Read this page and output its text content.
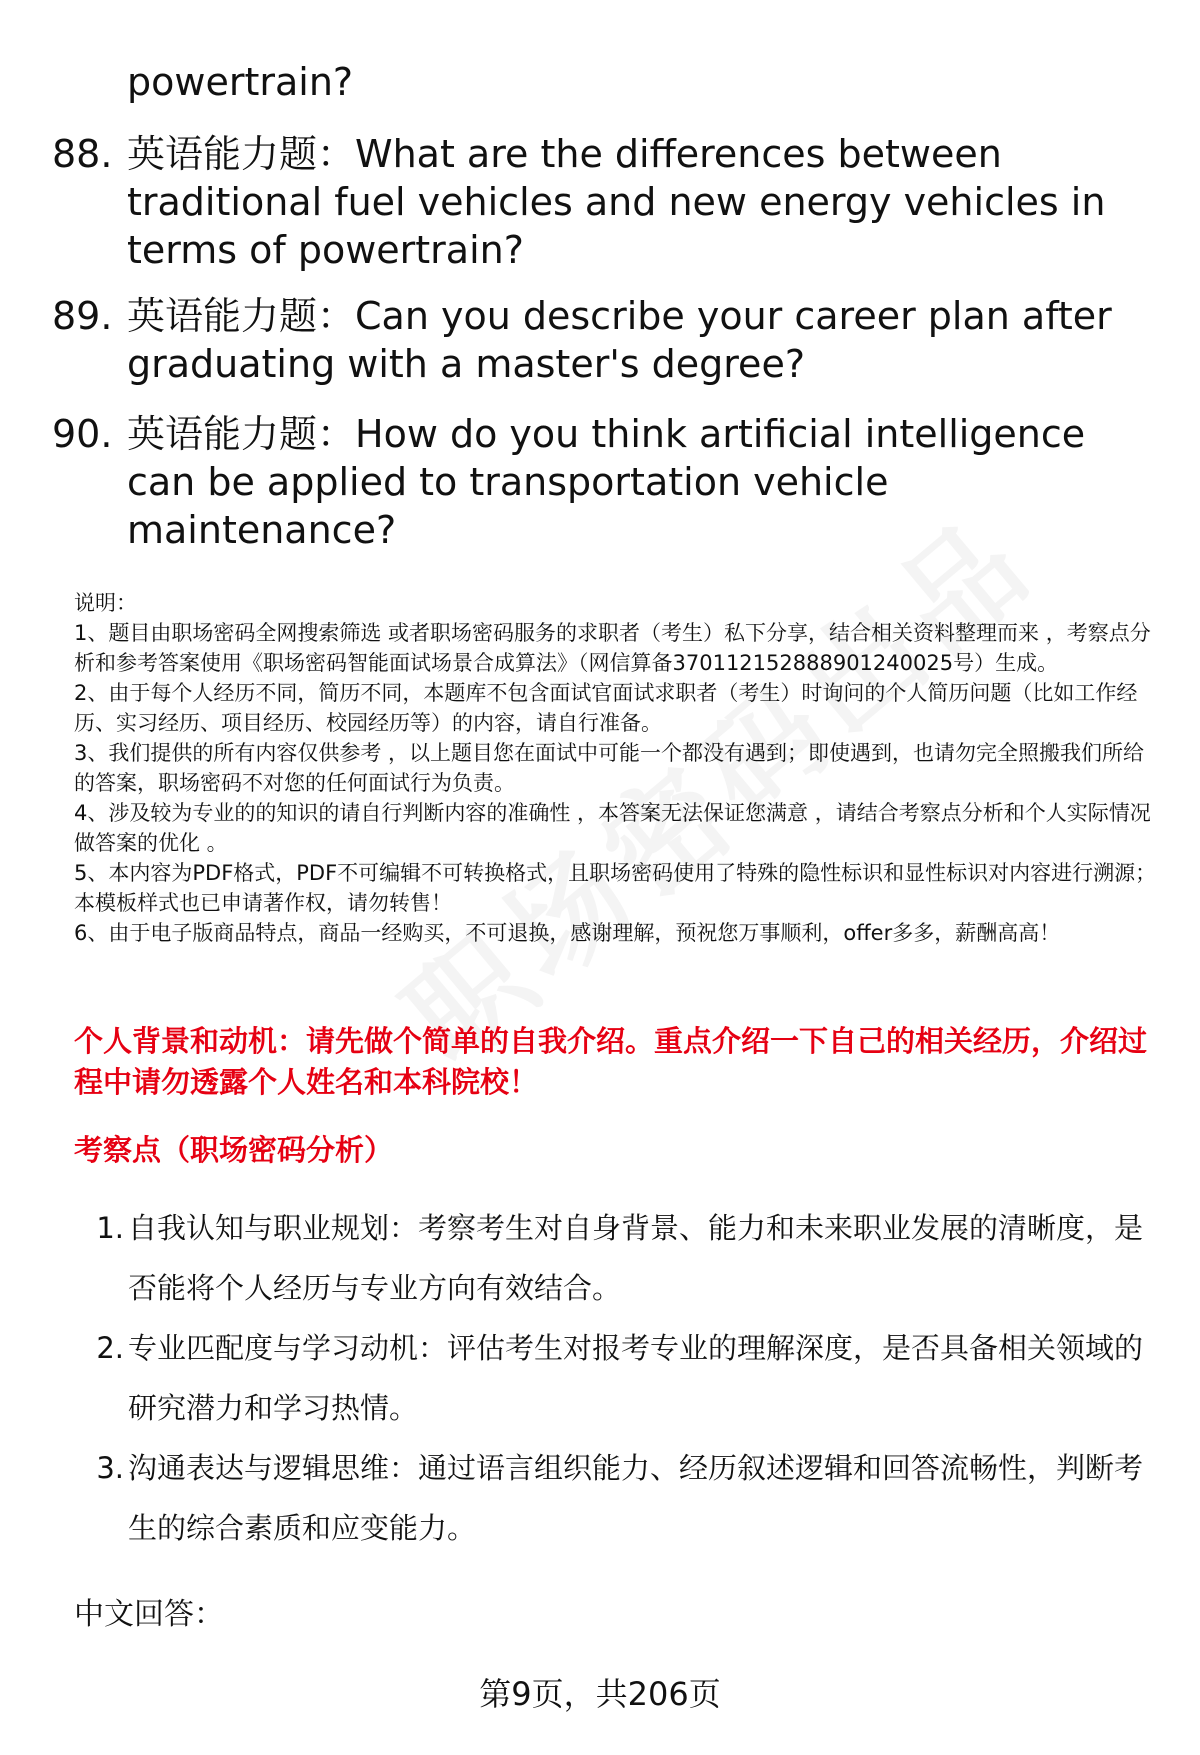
powertrain?
88. 英语能力题：What are the differences between traditional fuel vehicles and new energy vehicles in terms of powertrain?
89. 英语能力题：Can you describe your career plan after graduating with a master's degree?
90. 英语能力题：How do you think artificial intelligence can be applied to transportation vehicle maintenance?

说明：

1、题目由职场密码全网搜索筛选 或者职场密码服务的求职者（考生）私下分享，结合相关资料整理而来 ，考察点分析和参考答案使用《职场密码智能面试场景合成算法》（网信算备370112152888901240025号）生成。

2、由于每个人经历不同，简历不同，本题库不包含面试官面试求职者（考生）时询问的个人简历问题（比如工作经历、实习经历、项目经历、校园经历等）的内容，请自行准备。

3、我们提供的所有内容仅供参考 ，以上题目您在面试中可能一个都没有遇到；即使遇到，也请勿完全照搬我们所给的答案，职场密码不对您的任何面试行为负责。

4、涉及较为专业的的知识的请自行判断内容的准确性 ，本答案无法保证您满意 ，请结合考察点分析和个人实际情况做答案的优化 。

5、本内容为PDF格式，PDF不可编辑不可转换格式，且职场密码使用了特殊的隐性标识和显性标识对内容进行溯源；本模板样式也已申请著作权，请勿转售！

6、由于电子版商品特点，商品一经购买，不可退换，感谢理解，预祝您万事顺利，offer多多，薪酬高高！

个人背景和动机：请先做个简单的自我介绍。重点介绍一下自己的相关经历，介绍过程中请勿透露个人姓名和本科院校！
考察点（职场密码分析）
1. 自我认知与职业规划：考察考生对自身背景、能力和未来职业发展的清晰度，是否能将个人经历与专业方向有效结合。
2. 专业匹配度与学习动机：评估考生对报考专业的理解深度，是否具备相关领域的研究潜力和学习热情。
3. 沟通表达与逻辑思维：通过语言组织能力、经历叙述逻辑和回答流畅性，判断考生的综合素质和应变能力。
中文回答：
第9页，共206页
